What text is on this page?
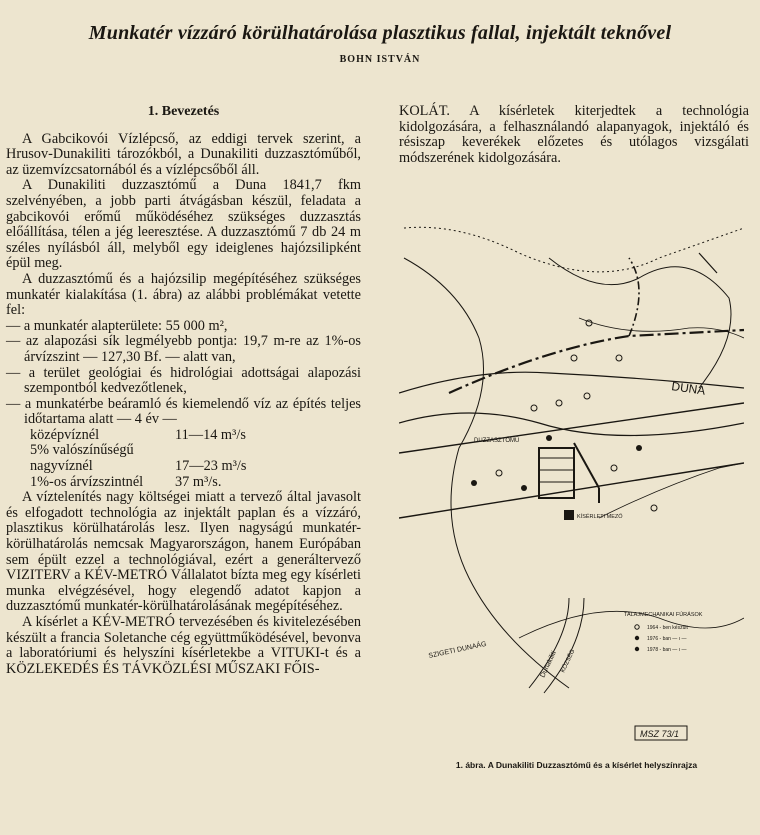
Munkatér vízzáró körülhatárolása plasztikus fallal, injektált teknővel
BOHN ISTVÁN
1. Bevezetés

A Gabcikovói Vízlépcső, az eddigi tervek szerint, a Hrusov-Dunakiliti tározókból, a Dunakiliti duzzasztóműből, az üzemvízcsatornából és a vízlépcsőből áll.

A Dunakiliti duzzasztómű a Duna 1841,7 fkm szelvényében, a jobb parti átvágásban készül, feladata a gabcikovói erőmű működéséhez szükséges duzzasztás előállítása, télen a jég leeresztése. A duzzasztómű 7 db 24 m széles nyílásból áll, melyből egy ideiglenes hajózsilipként épül meg.

A duzzasztómű és a hajózsilip megépítéséhez szükséges munkatér kialakítása (1. ábra) az alábbi problémákat vetette fel:

— a munkatér alapterülete: 55 000 m²,
— az alapozási sík legmélyebb pontja: 19,7 m-re az 1%-os árvízszint — 127,30 Bf. — alatt van,
— a terület geológiai és hidrológiai adottságai alapozási szempontból kedvezőtlenek,
— a munkatérbe beáramló és kiemelendő víz az építés teljes időtartama alatt — 4 év —
középvíznél	11—14 m³/s
5% valószínűségű
nagyvíznél	17—23 m³/s
1%-os árvízszintnél	37 m³/s.

A víztelenítés nagy költségei miatt a tervező által javasolt és elfogadott technológia az injektált paplan és a vízzáró, plasztikus körülhatárolás lesz. Ilyen nagyságú munkatér-körülhatárolás nemcsak Magyarországon, hanem Európában sem épült ezzel a technológiával, ezért a generáltervező VIZITERV a KÉV-METRÓ Vállalatot bízta meg egy kísérleti munka elvégzésével, hogy elegendő adatot kapjon a duzzasztómű munkatér-körülhatárolásának megépítéséhez.

A kísérlet a KÉV-METRÓ tervezésében és kivitelezésében készült a francia Soletanche cég együttműködésével, bevonva a laboratóriumi és helyszíni kísérletekbe a VITUKI-t és a KÖZLEKEDÉS ÉS TÁVKÖZLÉSI MŰSZAKI FŐIS-

KOLÁT. A kísérletek kiterjedtek a technológia kidolgozására, a felhasználandó alapanyagok, injektáló és résiszap keverékek előzetes és utólagos vizsgálati módszerének kidolgozására.
DUNA
DUZZASZTÓMŰ
KÍSÉRLETI MEZŐ
SZIGETI DUNAÁG	Dunakiliti KÖZSÉG
TALAJMECHANIKAI FÚRÁSOK
1964 - ben készült
1976 - ban — ı —
1978 - ban — ı —
MSZ 73/1
1. ábra. A Dunakiliti Duzzasztómű és a kísérlet helyszínrajza
